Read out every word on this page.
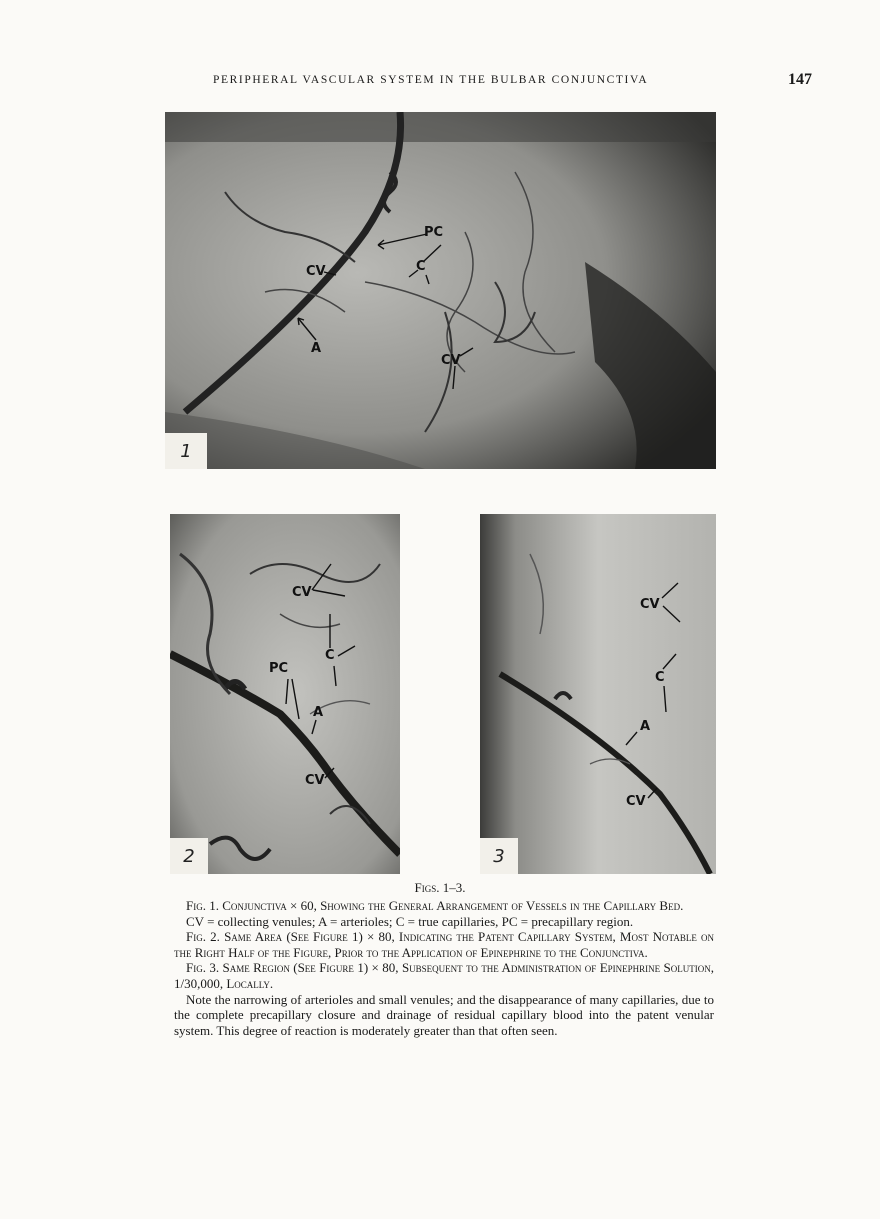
PERIPHERAL VASCULAR SYSTEM IN THE BULBAR CONJUNCTIVA	147
PC
CV	C
A
CV
1
CV
C
PC
A
CV
2
CV
C
A
CV
3
Figs. 1–3.

Fig. 1. Conjunctiva × 60, Showing the General Arrangement of Vessels in the Capillary Bed.

CV = collecting venules; A = arterioles; C = true capillaries, PC = precapillary region.

Fig. 2. Same Area (See Figure 1) × 80, Indicating the Patent Capillary System, Most Notable on the Right Half of the Figure, Prior to the Application of Epinephrine to the Conjunctiva.

Fig. 3. Same Region (See Figure 1) × 80, Subsequent to the Administration of Epinephrine Solution, 1/30,000, Locally.

Note the narrowing of arterioles and small venules; and the disappearance of many capillaries, due to the complete precapillary closure and drainage of residual capillary blood into the patent venular system. This degree of reaction is moderately greater than that often seen.
